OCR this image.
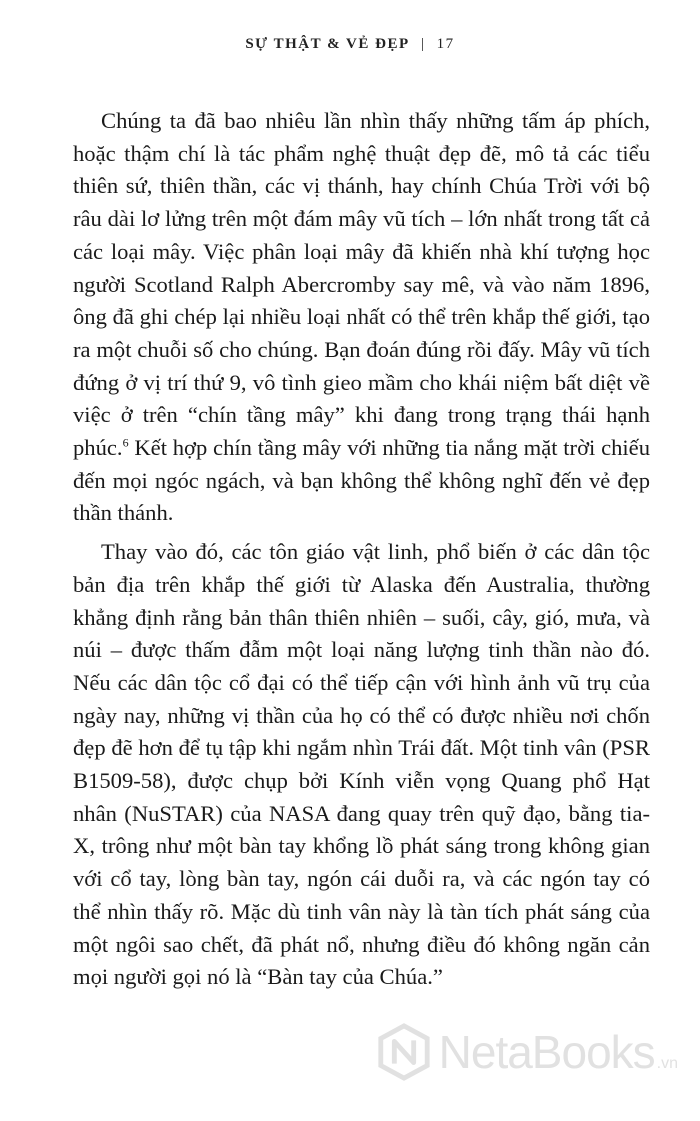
SỰ THẬT & VẺ ĐẸP | 17

Chúng ta đã bao nhiêu lần nhìn thấy những tấm áp phích, hoặc thậm chí là tác phẩm nghệ thuật đẹp đẽ, mô tả các tiểu thiên sứ, thiên thần, các vị thánh, hay chính Chúa Trời với bộ râu dài lơ lửng trên một đám mây vũ tích – lớn nhất trong tất cả các loại mây. Việc phân loại mây đã khiến nhà khí tượng học người Scotland Ralph Abercromby say mê, và vào năm 1896, ông đã ghi chép lại nhiều loại nhất có thể trên khắp thế giới, tạo ra một chuỗi số cho chúng. Bạn đoán đúng rồi đấy. Mây vũ tích đứng ở vị trí thứ 9, vô tình gieo mầm cho khái niệm bất diệt về việc ở trên “chín tầng mây” khi đang trong trạng thái hạnh phúc.$^6$ Kết hợp chín tầng mây với những tia nắng mặt trời chiếu đến mọi ngóc ngách, và bạn không thể không nghĩ đến vẻ đẹp thần thánh.

Thay vào đó, các tôn giáo vật linh, phổ biến ở các dân tộc bản địa trên khắp thế giới từ Alaska đến Australia, thường khẳng định rằng bản thân thiên nhiên – suối, cây, gió, mưa, và núi – được thấm đẫm một loại năng lượng tinh thần nào đó. Nếu các dân tộc cổ đại có thể tiếp cận với hình ảnh vũ trụ của ngày nay, những vị thần của họ có thể có được nhiều nơi chốn đẹp đẽ hơn để tụ tập khi ngắm nhìn Trái đất. Một tinh vân (PSR B1509-58), được chụp bởi Kính viễn vọng Quang phổ Hạt nhân (NuSTAR) của NASA đang quay trên quỹ đạo, bằng tia-X, trông như một bàn tay khổng lồ phát sáng trong không gian với cổ tay, lòng bàn tay, ngón cái duỗi ra, và các ngón tay có thể nhìn thấy rõ. Mặc dù tinh vân này là tàn tích phát sáng của một ngôi sao chết, đã phát nổ, nhưng điều đó không ngăn cản mọi người gọi nó là “Bàn tay của Chúa.”

NetaBooks .vn
